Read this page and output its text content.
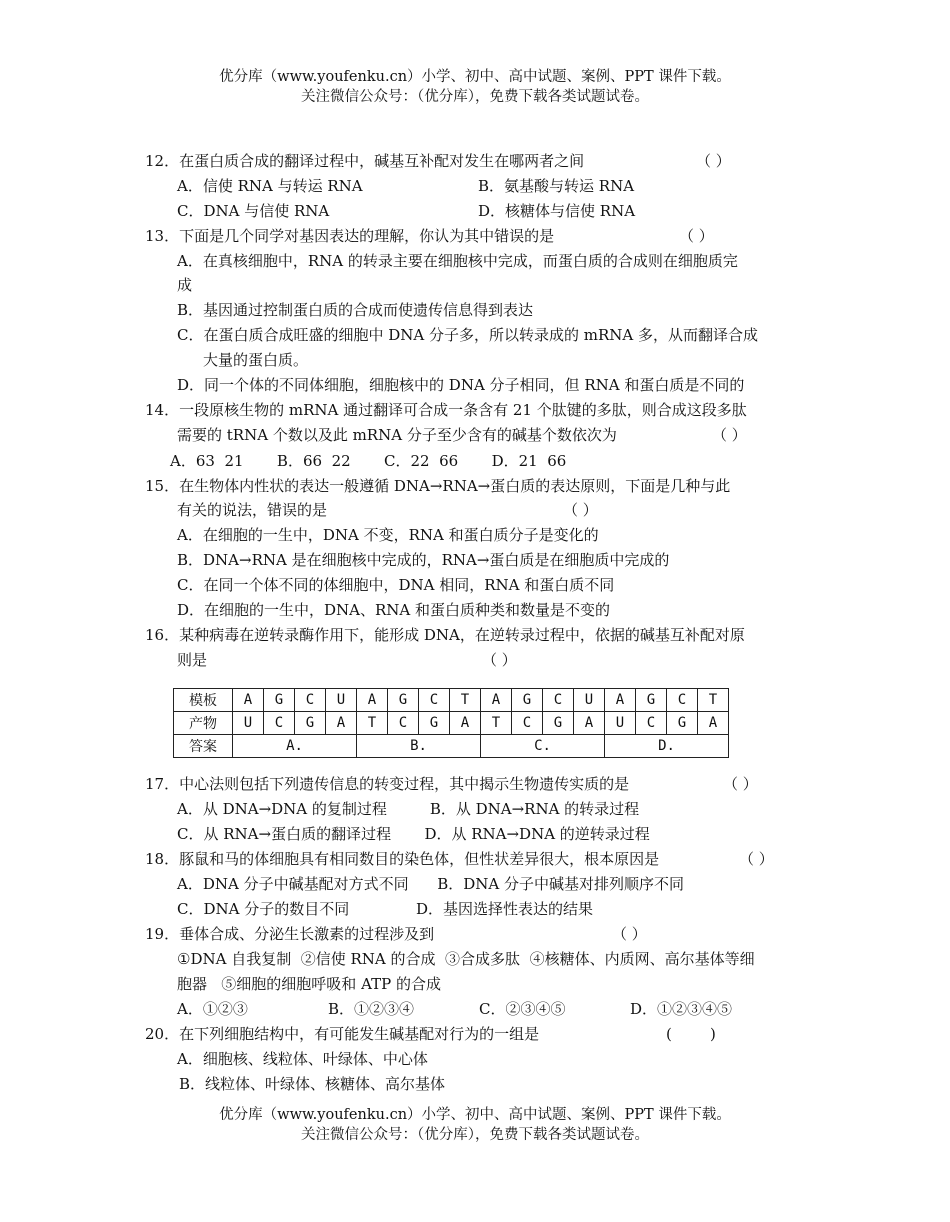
优分库（www.youfenku.cn）小学、初中、高中试题、案例、PPT 课件下载。
关注微信公众号：（优分库），免费下载各类试题试卷。
12．在蛋白质合成的翻译过程中，碱基互补配对发生在哪两者之间	（ ）
A．信使 RNA 与转运 RNA	B．氨基酸与转运 RNA
C．DNA 与信使 RNA	D．核糖体与信使 RNA
13．下面是几个同学对基因表达的理解，你认为其中错误的是	（ ）
A．在真核细胞中，RNA 的转录主要在细胞核中完成，而蛋白质的合成则在细胞质完
成
B．基因通过控制蛋白质的合成而使遗传信息得到表达
C．在蛋白质合成旺盛的细胞中 DNA 分子多，所以转录成的 mRNA 多，从而翻译合成
大量的蛋白质。
D．同一个体的不同体细胞，细胞核中的 DNA 分子相同，但 RNA 和蛋白质是不同的
14．一段原核生物的 mRNA 通过翻译可合成一条含有 21 个肽键的多肽，则合成这段多肽
需要的 tRNA 个数以及此 mRNA 分子至少含有的碱基个数依次为	（ ）
A．63  21       B．66  22       C．22  66       D．21  66
15．在生物体内性状的表达一般遵循 DNA→RNA→蛋白质的表达原则，下面是几种与此
有关的说法，错误的是	（ ）
A．在细胞的一生中，DNA 不变，RNA 和蛋白质分子是变化的
B．DNA→RNA 是在细胞核中完成的，RNA→蛋白质是在细胞质中完成的
C．在同一个体不同的体细胞中，DNA 相同，RNA 和蛋白质不同
D．在细胞的一生中，DNA、RNA 和蛋白质种类和数量是不变的
16．某种病毒在逆转录酶作用下，能形成 DNA，在逆转录过程中，依据的碱基互补配对原
则是	（ ）
模板	A	G	C	U	A	G	C	T	A	G	C	U	A	G	C	T
产物	U	C	G	A	T	C	G	A	T	C	G	A	U	C	G	A
答案	A.				B.				C.				D.			
17．中心法则包括下列遗传信息的转变过程，其中揭示生物遗传实质的是	（ ）
A．从 DNA→DNA 的复制过程         B．从 DNA→RNA 的转录过程
C．从 RNA→蛋白质的翻译过程       D．从 RNA→DNA 的逆转录过程
18．豚鼠和马的体细胞具有相同数目的染色体，但性状差异很大，根本原因是	（ ）
A．DNA 分子中碱基配对方式不同      B．DNA 分子中碱基对排列顺序不同
C．DNA 分子的数目不同              D．基因选择性表达的结果
19．垂体合成、分泌生长激素的过程涉及到	（ ）
①DNA 自我复制  ②信使 RNA 的合成  ③合成多肽  ④核糖体、内质网、高尔基体等细
胞器   ⑤细胞的细胞呼吸和 ATP 的合成
A．①②③	B．①②③④	C．②③④⑤	D．①②③④⑤
20．在下列细胞结构中，有可能发生碱基配对行为的一组是	(        )
A．细胞核、线粒体、叶绿体、中心体
B．线粒体、叶绿体、核糖体、高尔基体
优分库（www.youfenku.cn）小学、初中、高中试题、案例、PPT 课件下载。
关注微信公众号：（优分库），免费下载各类试题试卷。
